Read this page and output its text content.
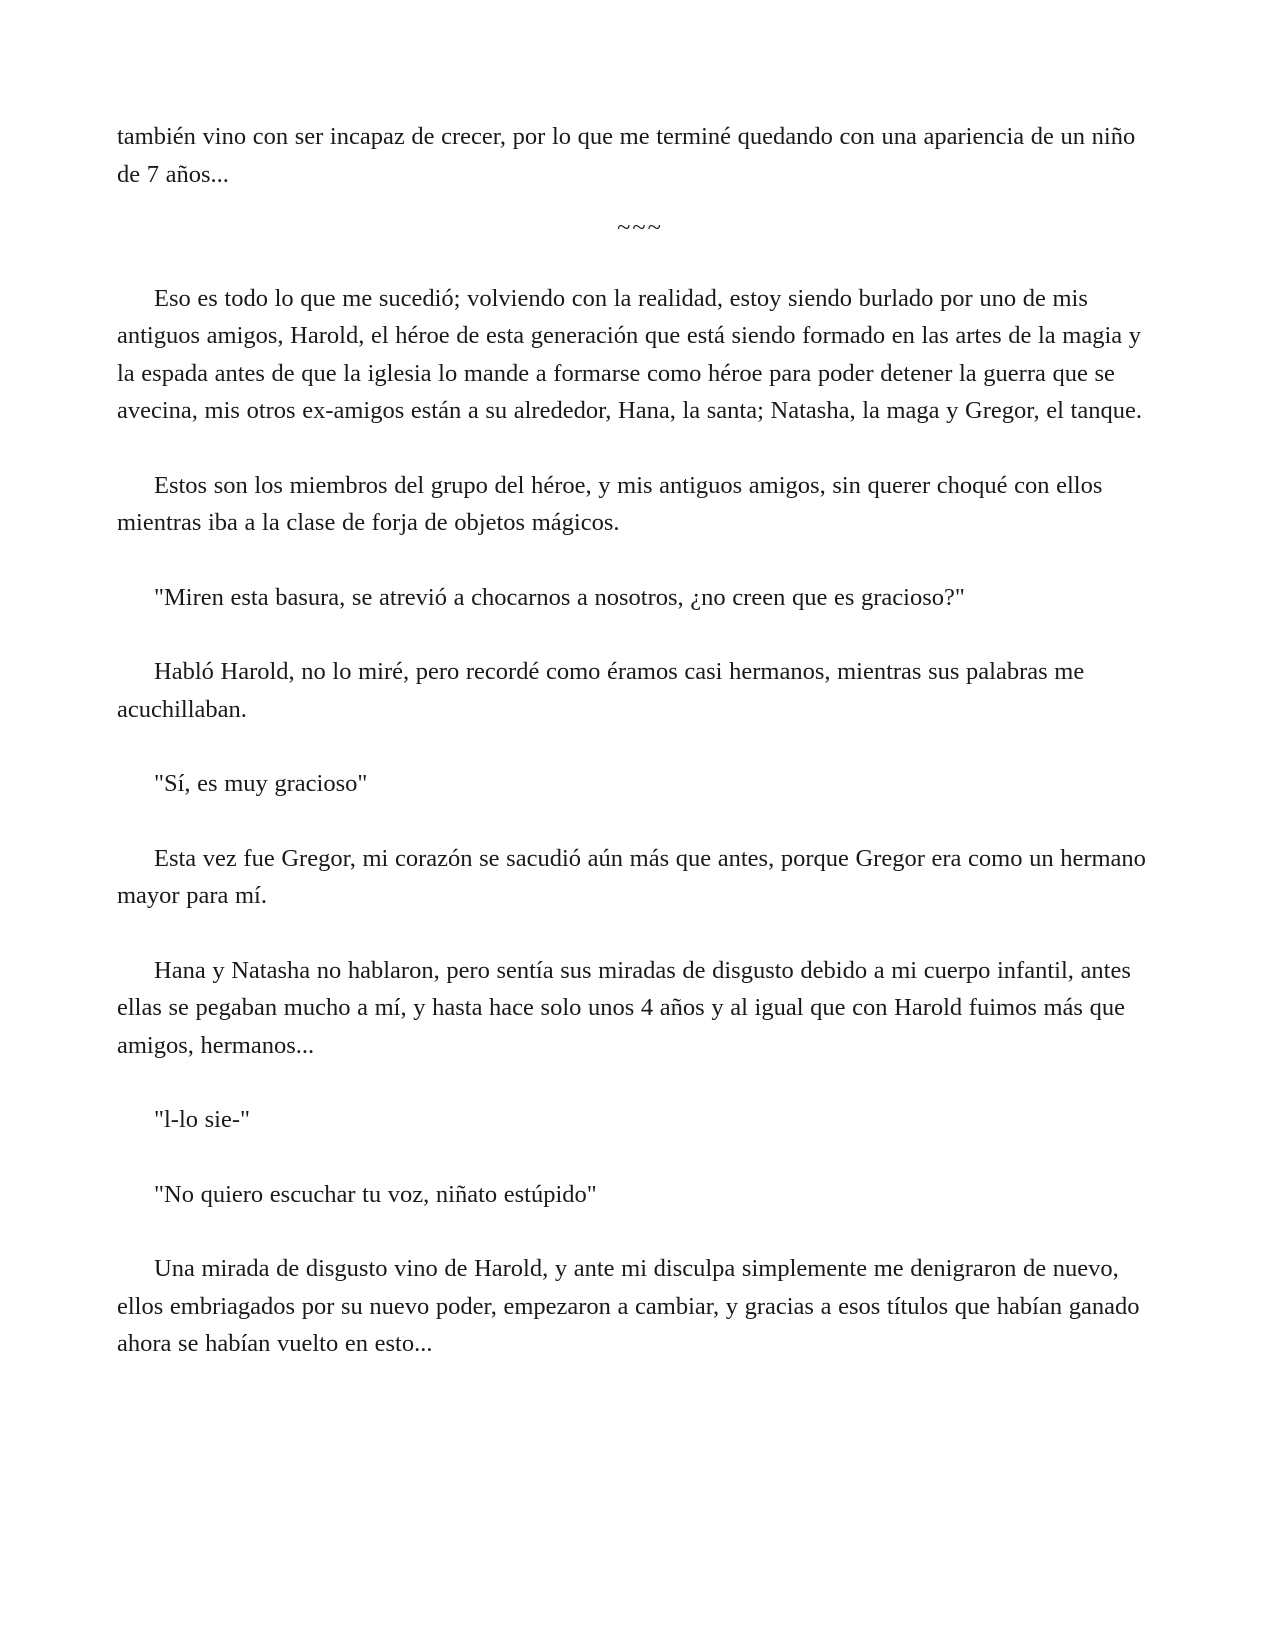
también vino con ser incapaz de crecer, por lo que me terminé quedando con una apariencia de un niño de 7 años...

~~~

Eso es todo lo que me sucedió; volviendo con la realidad, estoy siendo burlado por uno de mis antiguos amigos, Harold, el héroe de esta generación que está siendo formado en las artes de la magia y la espada antes de que la iglesia lo mande a formarse como héroe para poder detener la guerra que se avecina, mis otros ex-amigos están a su alrededor, Hana, la santa; Natasha, la maga y Gregor, el tanque.

Estos son los miembros del grupo del héroe, y mis antiguos amigos, sin querer choqué con ellos mientras iba a la clase de forja de objetos mágicos.

"Miren esta basura, se atrevió a chocarnos a nosotros, ¿no creen que es gracioso?"

Habló Harold, no lo miré, pero recordé como éramos casi hermanos, mientras sus palabras me acuchillaban.

"Sí, es muy gracioso"

Esta vez fue Gregor, mi corazón se sacudió aún más que antes, porque Gregor era como un hermano mayor para mí.

Hana y Natasha no hablaron, pero sentía sus miradas de disgusto debido a mi cuerpo infantil, antes ellas se pegaban mucho a mí, y hasta hace solo unos 4 años y al igual que con Harold fuimos más que amigos, hermanos...

"l-lo sie-"

"No quiero escuchar tu voz, niñato estúpido"

Una mirada de disgusto vino de Harold, y ante mi disculpa simplemente me denigraron de nuevo, ellos embriagados por su nuevo poder, empezaron a cambiar, y gracias a esos títulos que habían ganado ahora se habían vuelto en esto...
